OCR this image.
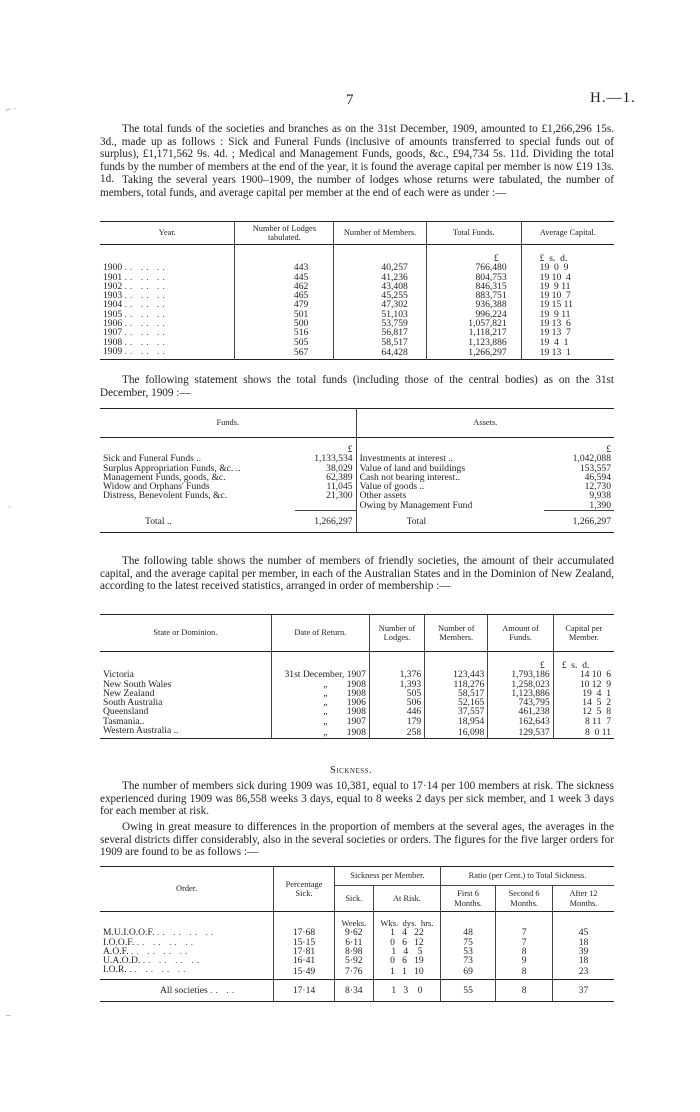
7	H.—1.

The total funds of the societies and branches as on the 31st December, 1909, amounted to £1,266,296 15s. 3d., made up as follows : Sick and Funeral Funds (inclusive of amounts transferred to special funds out of surplus), £1,171,562 9s. 4d. ; Medical and Management Funds, goods, &c., £94,734 5s. 11d. Dividing the total funds by the number of members at the end of the year, it is found the average capital per member is now £19 13s. 1d. Taking the several years 1900–1909, the number of lodges whose returns were tabulated, the number of members, total funds, and average capital per member at the end of each were as under :—

Year.	Number of Lodges tabulated.	Number of Members.	Total Funds.	Average Capital.
			£	£  s.  d.
1900 .. .. ..	443	40,257	766,480	19  0  9
1901 .. .. ..	445	41,236	804,753	19 10  4
1902 .. .. ..	462	43,408	846,315	19  9 11
1903 .. .. ..	465	45,255	883,751	19 10  7
1904 .. .. ..	479	47,302	936,388	19 15 11
1905 .. .. ..	501	51,103	996,224	19  9 11
1906 .. .. ..	500	53,759	1,057,821	19 13  6
1907 .. .. ..	516	56,817	1,118,217	19 13  7
1908 .. .. ..	505	58,517	1,123,886	19  4  1
1909 .. .. ..	567	64,428	1,266,297	19 13  1

The following statement shows the total funds (including those of the central bodies) as on the 31st December, 1909 :—

Funds.		Assets.	
	£		£
Sick and Funeral Funds ..	1,133,534	Investments at interest ..	1,042,088
Surplus Appropriation Funds, &c. ..	38,029	Value of land and buildings	153,557
Management Funds, goods, &c.	62,389	Cash not bearing interest..	46,594
Widow and Orphans' Funds	11,045	Value of goods ..	12,730
Distress, Benevolent Funds, &c.	21,300	Other assets	9,938
		Owing by Management Fund	1,390
Total ..	1,266,297	Total	1,266,297

The following table shows the number of members of friendly societies, the amount of their accumulated capital, and the average capital per member, in each of the Australian States and in the Dominion of New Zealand, according to the latest received statistics, arranged in order of membership :—

State or Dominion.	Date of Return.	Number of Lodges.	Number of Members.	Amount of Funds.	Capital per Member.
				£	£  s.  d.
Victoria	31st December, 1907	1,376	123,443	1,793,186	14 10  6
New South Wales	„        1908	1,393	118,276	1,258,023	10 12  9
New Zealand	„        1908	505	58,517	1,123,886	19  4  1
South Australia	„        1906	506	52,165	743,795	14  5  2
Queensland	„        1908	446	37,557	461,238	12  5  8
Tasmania..	„        1907	179	18,954	162,643	8 11  7
Western Australia ..	„        1908	258	16,098	129,537	8  0 11
Sickness.

The number of members sick during 1909 was 10,381, equal to 17·14 per 100 members at risk. The sickness experienced during 1909 was 86,558 weeks 3 days, equal to 8 weeks 2 days per sick member, and 1 week 3 days for each member at risk.

Owing in great measure to differences in the proportion of members at the several ages, the averages in the several districts differ considerably, also in the several societies or orders. The figures for the five larger orders for 1909 are found to be as follows :—

Order.	Percentage Sick.	Sickness per Member.		Ratio (per Cent.) to Total Sickness.		
		Sick.	At Risk.	First 6 Months.	Second 6 Months.	After 12 Months.
		Weeks.	Wks.  dys.  hrs.			
M.U.I.O.O.F. .. .. .. ..	17·68	9·62	1   4   22	48	7	45
I.O.O.F. .. .. .. ..	15·15	6·11	0   6   12	75	7	18
A.O.F. .. .. .. ..	17·81	8·98	1   4    5	53	8	39
U.A.O.D. .. .. .. ..	16·41	5·92	0   6   19	73	9	18
I.O.R. .. .. .. ..	15·49	7·76	1   1   10	69	8	23
All societies .. ..	17·14	8·34	1   3    0	55	8	37
⌐ ·
ˋ
–
